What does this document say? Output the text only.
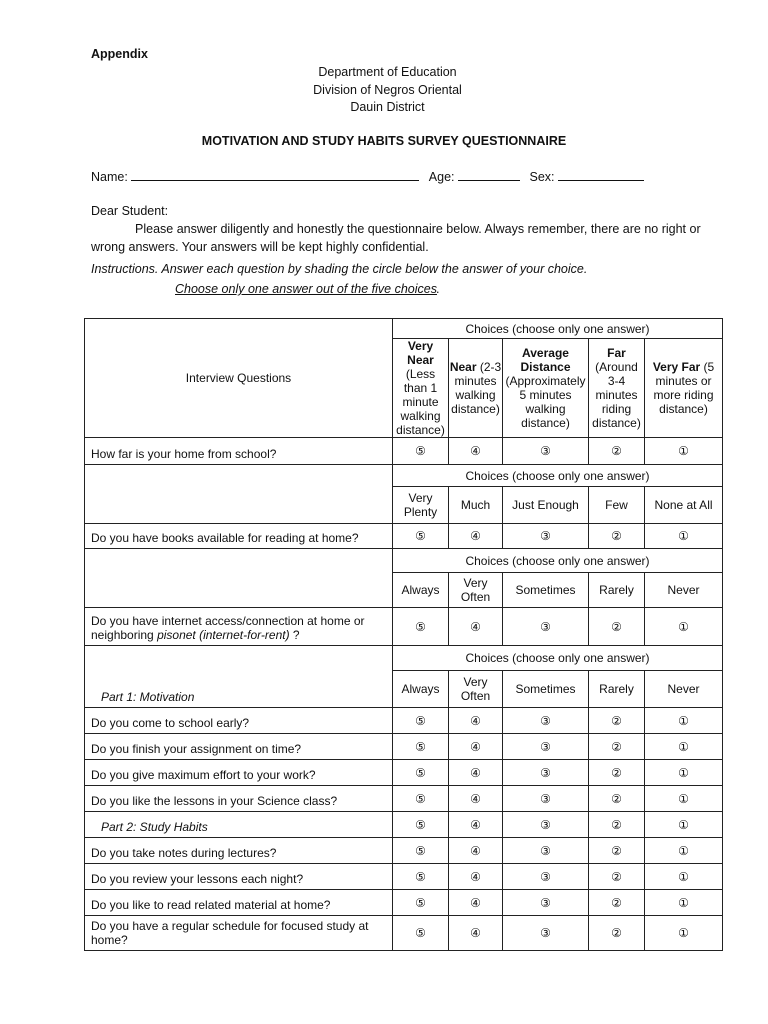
Appendix
Department of Education
Division of Negros Oriental
Dauin District
MOTIVATION AND STUDY HABITS SURVEY QUESTIONNAIRE
Name:	Age:	Sex:
Dear Student:
Please answer diligently and honestly the questionnaire below. Always remember, there are no right or wrong answers. Your answers will be kept highly confidential.
Instructions. Answer each question by shading the circle below the answer of your choice.
Choose only one answer out of the five choices .
Interview Questions	Choices (choose only one answer)				
	Very Near (Less than 1 minute walking distance)	Near (2-3 minutes walking distance)	Average Distance (Approximately 5 minutes walking distance)	Far (Around 3-4 minutes riding distance)	Very Far (5 minutes or more riding distance)
How far is your home from school?	⑤	④	③	②	①
	Choices (choose only one answer)				
	Very Plenty	Much	Just Enough	Few	None at All
Do you have books available for reading at home?	⑤	④	③	②	①
	Choices (choose only one answer)				
	Always	Very Often	Sometimes	Rarely	Never
Do you have internet access/connection at home or neighboring pisonet (internet-for-rent) ?	⑤	④	③	②	①
Part 1: Motivation	Choices (choose only one answer)				
	Always	Very Often	Sometimes	Rarely	Never
Do you come to school early?	⑤	④	③	②	①
Do you finish your assignment on time?	⑤	④	③	②	①
Do you give maximum effort to your work?	⑤	④	③	②	①
Do you like the lessons in your Science class?	⑤	④	③	②	①
Part 2: Study Habits	⑤	④	③	②	①
Do you take notes during lectures?	⑤	④	③	②	①
Do you review your lessons each night?	⑤	④	③	②	①
Do you like to read related material at home?	⑤	④	③	②	①
Do you have a regular schedule for focused study at home?	⑤	④	③	②	①
